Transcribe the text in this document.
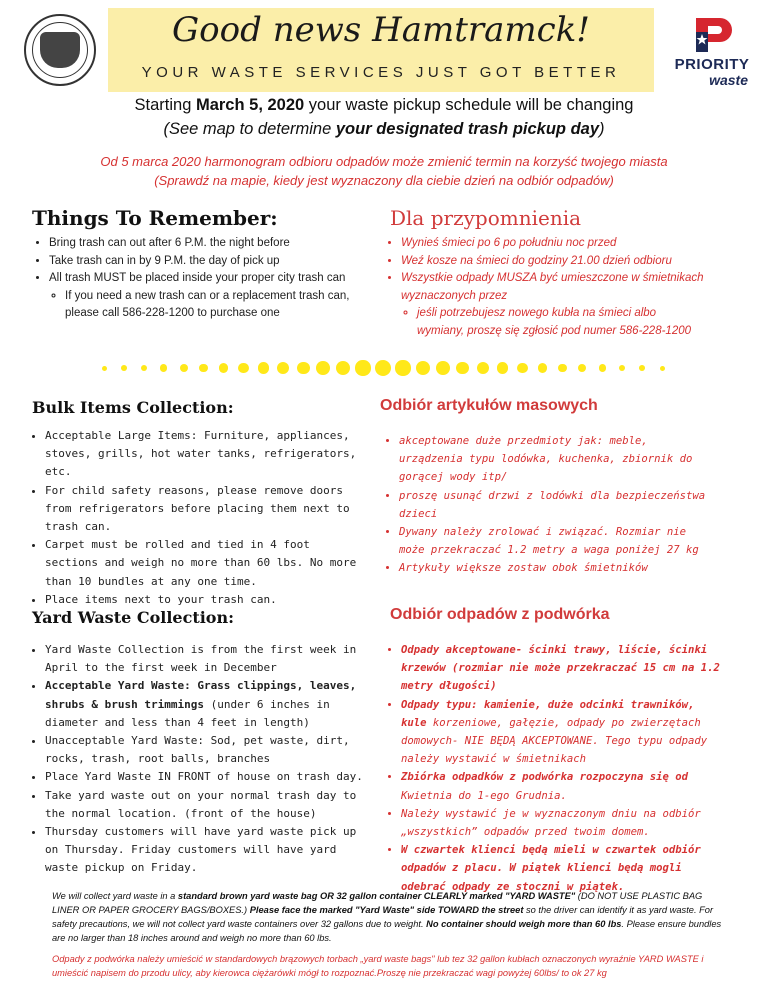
Good news Hamtramck!
YOUR WASTE SERVICES JUST GOT BETTER	PRIORITY
waste
Starting March 5, 2020 your waste pickup schedule will be changing
(See map to determine your designated trash pickup day)
Od 5 marca 2020 harmonogram odbioru odpadów może zmienić termin na korzyść twojego miasta
(Sprawdź na mapie, kiedy jest wyznaczony dla ciebie dzień na odbiór odpadów)
Things To Remember:
• Bring trash can out after 6 P.M. the night before
• Take trash can in by 9 P.M. the day of pick up
• All trash MUST be placed inside your proper city trash can
◦ If you need a new trash can or a replacement trash can, please call 586-228-1200 to purchase one
Dla przypomnienia
• Wynieś śmieci po 6 po południu noc przed
• Weź kosze na śmieci do godziny 21.00 dzień odbioru
• Wszystkie odpady MUSZA być umieszczone w śmietnikach wyznaczonych przez
◦ jeśli potrzebujesz nowego kubła na śmieci albo wymiany, proszę się zgłosić pod numer 586-228-1200
Bulk Items Collection:
• Acceptable Large Items: Furniture, appliances, stoves, grills, hot water tanks, refrigerators, etc.
• For child safety reasons, please remove doors from refrigerators before placing them next to trash can.
• Carpet must be rolled and tied in 4 foot sections and weigh no more than 60 lbs. No more than 10 bundles at any one time.
• Place items next to your trash can.
Odbiór artykułów masowych
• akceptowane duże przedmioty jak: meble, urządzenia typu lodówka, kuchenka, zbiornik do gorącej wody itp/
• proszę usunąć drzwi z lodówki dla bezpieczeństwa dzieci
• Dywany należy zrolować i związać. Rozmiar nie może przekraczać 1.2 metry a waga poniżej 27 kg
• Artykuły większe zostaw obok śmietników
Yard Waste Collection:
• Yard Waste Collection is from the first week in April to the first week in December
• Acceptable Yard Waste: Grass clippings, leaves, shrubs & brush trimmings (under 6 inches in diameter and less than 4 feet in length)
• Unacceptable Yard Waste: Sod, pet waste, dirt, rocks, trash, root balls, branches
• Place Yard Waste IN FRONT of house on trash day.
• Take yard waste out on your normal trash day to the normal location. (front of the house)
• Thursday customers will have yard waste pick up on Thursday. Friday customers will have yard waste pickup on Friday.
Odbiór odpadów z podwórka
• Odpady akceptowane- ścinki trawy, liście, ścinki krzewów (rozmiar nie może przekraczać 15 cm na 1.2 metry długości)
• Odpady typu: kamienie, duże odcinki trawników, kule korzeniowe, gałęzie, odpady po zwierzętach domowych- NIE BĘDĄ AKCEPTOWANE. Tego typu odpady należy wystawić w śmietnikach
• Zbiórka odpadków z podwórka rozpoczyna się od Kwietnia do 1-ego Grudnia.
• Należy wystawić je w wyznaczonym dniu na odbiór „wszystkich” odpadów przed twoim domem.
• W czwartek klienci będą mieli w czwartek odbiór odpadów z placu. W piątek klienci będą mogli odebrać odpady ze stoczni w piątek.
We will collect yard waste in a standard brown yard waste bag OR 32 gallon container CLEARLY marked "YARD WASTE" (DO NOT USE PLASTIC BAG LINER OR PAPER GROCERY BAGS/BOXES.) Please face the marked "Yard Waste" side TOWARD the street so the driver can identify it as yard waste. For safety precautions, we will not collect yard waste containers over 32 gallons due to weight. No container should weigh more than 60 lbs. Please ensure bundles are no larger than 18 inches around and weigh no more than 60 lbs.
Odpady z podwórka należy umieścić w standardowych brązowych torbach „yard waste bags" lub tez 32 gallon kubłach oznaczonych wyraźnie YARD WASTE i umieścić napisem do przodu ulicy, aby kierowca ciężarówki mógł to rozpoznać.Proszę nie przekraczać wagi powyżej 60lbs/ to ok 27 kg
